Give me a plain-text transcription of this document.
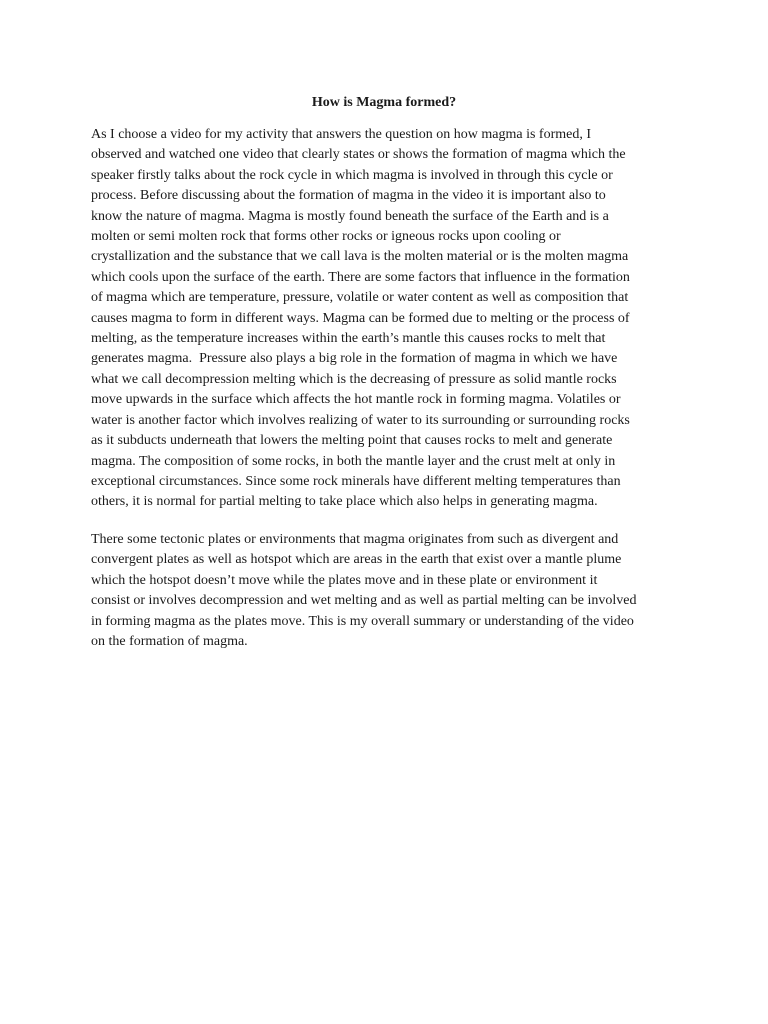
How is Magma formed?

As I choose a video for my activity that answers the question on how magma is formed, I
observed and watched one video that clearly states or shows the formation of magma which the
speaker firstly talks about the rock cycle in which magma is involved in through this cycle or
process. Before discussing about the formation of magma in the video it is important also to
know the nature of magma. Magma is mostly found beneath the surface of the Earth and is a
molten or semi molten rock that forms other rocks or igneous rocks upon cooling or
crystallization and the substance that we call lava is the molten material or is the molten magma
which cools upon the surface of the earth. There are some factors that influence in the formation
of magma which are temperature, pressure, volatile or water content as well as composition that
causes magma to form in different ways. Magma can be formed due to melting or the process of
melting, as the temperature increases within the earth’s mantle this causes rocks to melt that
generates magma.  Pressure also plays a big role in the formation of magma in which we have
what we call decompression melting which is the decreasing of pressure as solid mantle rocks
move upwards in the surface which affects the hot mantle rock in forming magma. Volatiles or
water is another factor which involves realizing of water to its surrounding or surrounding rocks
as it subducts underneath that lowers the melting point that causes rocks to melt and generate
magma. The composition of some rocks, in both the mantle layer and the crust melt at only in
exceptional circumstances. Since some rock minerals have different melting temperatures than
others, it is normal for partial melting to take place which also helps in generating magma.

There some tectonic plates or environments that magma originates from such as divergent and
convergent plates as well as hotspot which are areas in the earth that exist over a mantle plume
which the hotspot doesn’t move while the plates move and in these plate or environment it
consist or involves decompression and wet melting and as well as partial melting can be involved
in forming magma as the plates move. This is my overall summary or understanding of the video
on the formation of magma.
